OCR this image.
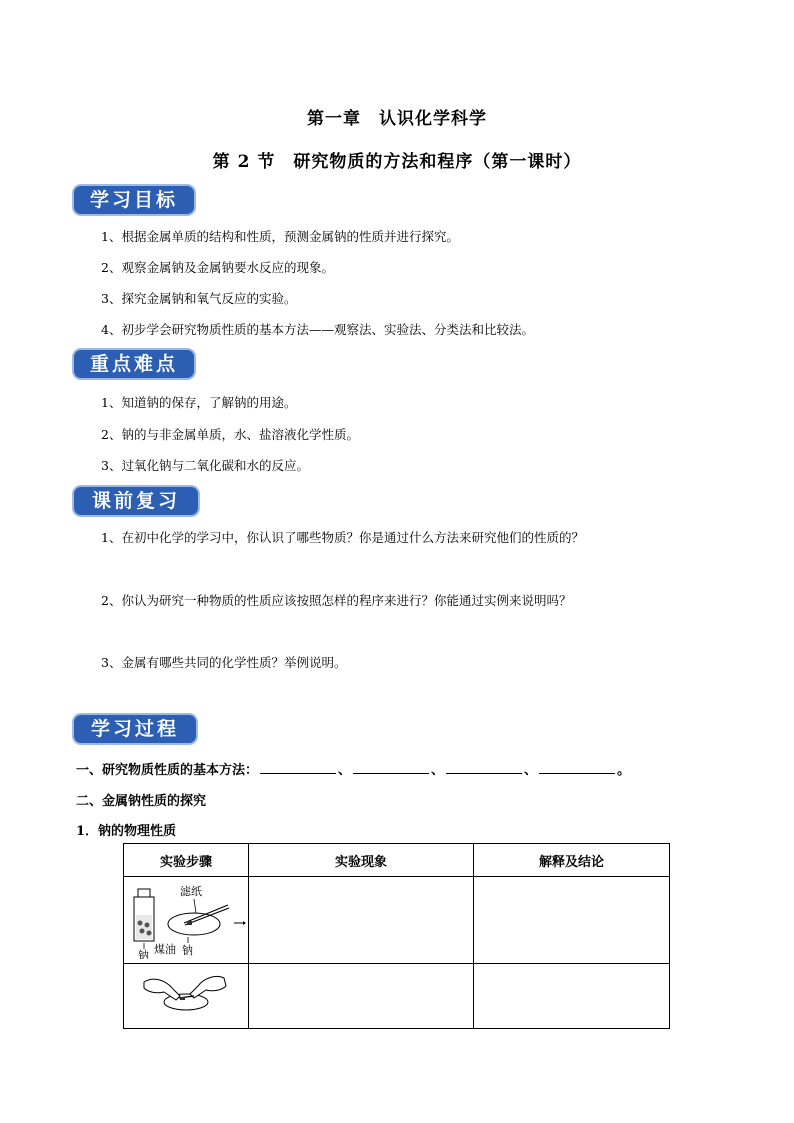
第一章　认识化学科学
第 2 节　研究物质的方法和程序（第一课时）
学习目标
1、根据金属单质的结构和性质，预测金属钠的性质并进行探究。
2、观察金属钠及金属钠要水反应的现象。
3、探究金属钠和氧气反应的实验。
4、初步学会研究物质性质的基本方法——观察法、实验法、分类法和比较法。
重点难点
1、知道钠的保存，了解钠的用途。
2、钠的与非金属单质，水、盐溶液化学性质。
3、过氧化钠与二氧化碳和水的反应。
课前复习
1、在初中化学的学习中，你认识了哪些物质？你是通过什么方法来研究他们的性质的？
2、你认为研究一种物质的性质应该按照怎样的程序来进行？你能通过实例来说明吗？
3、金属有哪些共同的化学性质？举例说明。
学习过程
一、研究物质性质的基本方法：	、	、	、	。
二、金属钠性质的探究
1．钠的物理性质
实验步骤	实验现象	解释及结论

滤纸
钠 煤油 钠		
